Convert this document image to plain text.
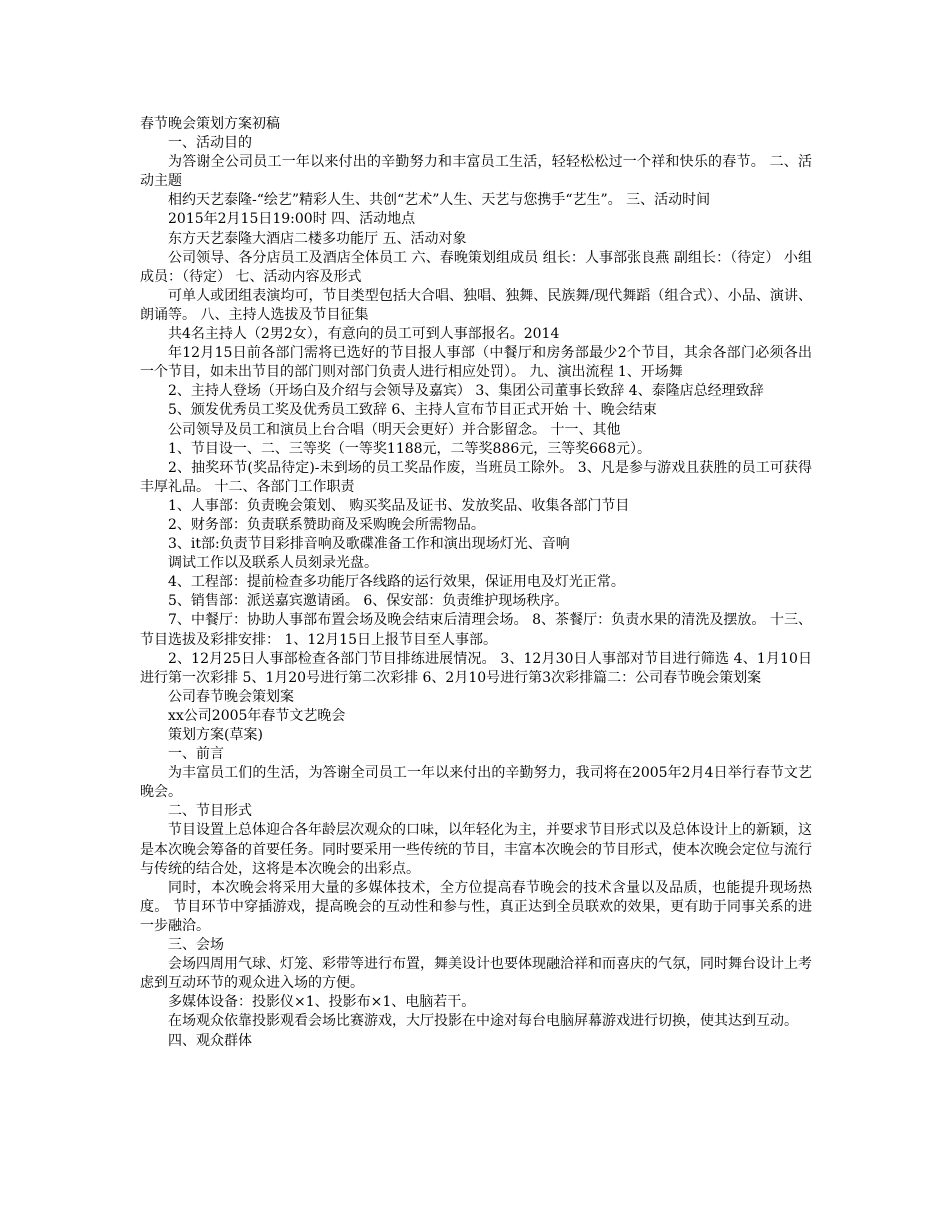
春节晚会策划方案初稿

一、活动目的

为答谢全公司员工一年以来付出的辛勤努力和丰富员工生活，轻轻松松过一个祥和快乐的春节。 二、活动主题

相约天艺泰隆-“绘艺”精彩人生、共创“艺术”人生、天艺与您携手“艺生”。 三、活动时间

2015年2月15日19:00时 四、活动地点

东方天艺泰隆大酒店二楼多功能厅 五、活动对象

公司领导、各分店员工及酒店全体员工 六、春晚策划组成员 组长：人事部张良燕 副组长：（待定） 小组成员：（待定） 七、活动内容及形式

可单人或团组表演均可，节目类型包括大合唱、独唱、独舞、民族舞/现代舞蹈（组合式）、小品、演讲、朗诵等。 八、主持人选拔及节目征集

共4名主持人（2男2女），有意向的员工可到人事部报名。2014

年12月15日前各部门需将已选好的节目报人事部（中餐厅和房务部最少2个节目，其余各部门必须各出一个节目，如未出节目的部门则对部门负责人进行相应处罚）。 九、演出流程 1、开场舞

2、主持人登场（开场白及介绍与会领导及嘉宾） 3、集团公司董事长致辞 4、泰隆店总经理致辞

5、颁发优秀员工奖及优秀员工致辞 6、主持人宣布节目正式开始 十、晚会结束

公司领导及员工和演员上台合唱（明天会更好）并合影留念。 十一、其他

1、节目设一、二、三等奖（一等奖1188元，二等奖886元，三等奖668元）。

2、抽奖环节(奖品待定)-未到场的员工奖品作废，当班员工除外。 3、凡是参与游戏且获胜的员工可获得丰厚礼品。 十二、各部门工作职责

1、人事部：负责晚会策划、 购买奖品及证书、发放奖品、收集各部门节目

2、财务部：负责联系赞助商及采购晚会所需物品。

3、it部:负责节目彩排音响及歌碟准备工作和演出现场灯光、音响

调试工作以及联系人员刻录光盘。

4、工程部：提前检查多功能厅各线路的运行效果，保证用电及灯光正常。

5、销售部：派送嘉宾邀请函。 6、保安部：负责维护现场秩序。

7、中餐厅：协助人事部布置会场及晚会结束后清理会场。 8、茶餐厅：负责水果的清洗及摆放。 十三、节目选拔及彩排安排： 1、12月15日上报节目至人事部。

2、12月25日人事部检查各部门节目排练进展情况。 3、12月30日人事部对节目进行筛选 4、1月10日进行第一次彩排 5、1月20号进行第二次彩排 6、2月10号进行第3次彩排篇二：公司春节晚会策划案

公司春节晚会策划案

xx公司2005年春节文艺晚会

策划方案(草案)

一、前言

为丰富员工们的生活，为答谢全司员工一年以来付出的辛勤努力，我司将在2005年2月4日举行春节文艺晚会。

二、节目形式

节目设置上总体迎合各年龄层次观众的口味，以年轻化为主，并要求节目形式以及总体设计上的新颖，这是本次晚会筹备的首要任务。同时要采用一些传统的节目，丰富本次晚会的节目形式，使本次晚会定位与流行与传统的结合处，这将是本次晚会的出彩点。

同时，本次晚会将采用大量的多媒体技术，全方位提高春节晚会的技术含量以及品质，也能提升现场热度。 节目环节中穿插游戏，提高晚会的互动性和参与性，真正达到全员联欢的效果，更有助于同事关系的进一步融洽。

三、会场

会场四周用气球、灯笼、彩带等进行布置，舞美设计也要体现融洽祥和而喜庆的气氛，同时舞台设计上考虑到互动环节的观众进入场的方便。

多媒体设备：投影仪×1、投影布×1、电脑若干。

在场观众依靠投影观看会场比赛游戏，大厅投影在中途对每台电脑屏幕游戏进行切换，使其达到互动。

四、观众群体
